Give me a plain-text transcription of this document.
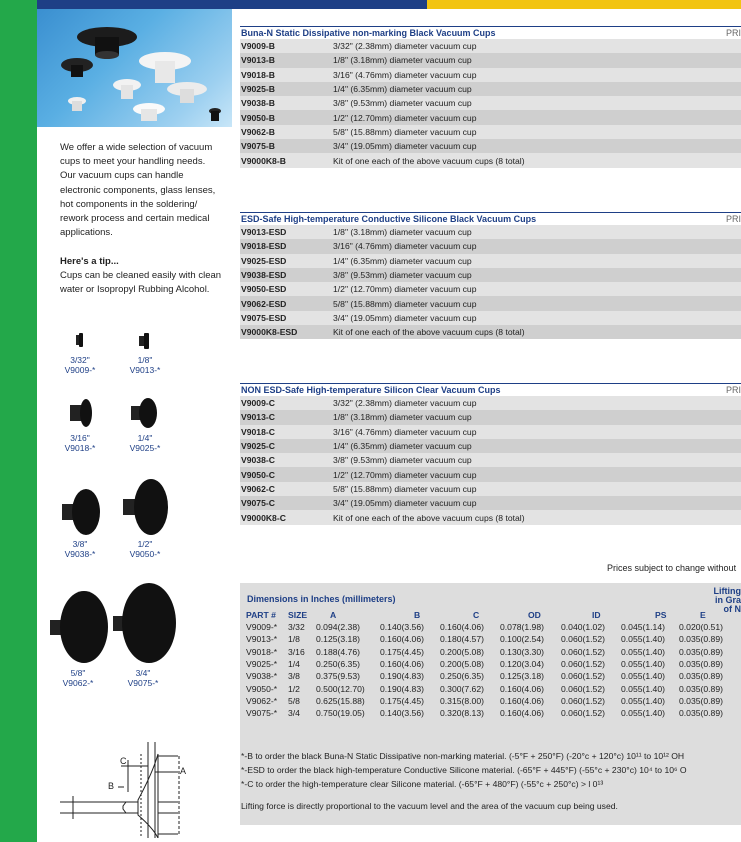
We offer a wide selection of vacuum
cups to meet your handling needs.
Our vacuum cups can handle
electronic components, glass lenses,
hot components in the soldering/
rework process and certain medical
applications.
Here's a tip...
Cups can be cleaned easily with clean
water or Isopropyl Rubbing Alcohol.
3/32"
V9009-*
1/8"
V9013-*
3/16"
V9018-*
1/4"
V9025-*
3/8"
V9038-*
1/2"
V9050-*
5/8"
V9062-*
3/4"
V9075-*
Buna-N Static Dissipative non-marking Black Vacuum Cups	PRI
V9009-B	3/32" (2.38mm) diameter vacuum cup
V9013-B	1/8" (3.18mm) diameter vacuum cup
V9018-B	3/16" (4.76mm) diameter vacuum cup
V9025-B	1/4" (6.35mm) diameter vacuum cup
V9038-B	3/8" (9.53mm) diameter vacuum cup
V9050-B	1/2" (12.70mm) diameter vacuum cup
V9062-B	5/8" (15.88mm) diameter vacuum cup
V9075-B	3/4" (19.05mm) diameter vacuum cup
V9000K8-B	Kit of one each of the above vacuum cups (8 total)
ESD-Safe High-temperature Conductive Silicone Black Vacuum Cups	PRI
V9013-ESD	1/8" (3.18mm) diameter vacuum cup
V9018-ESD	3/16" (4.76mm) diameter vacuum cup
V9025-ESD	1/4" (6.35mm) diameter vacuum cup
V9038-ESD	3/8" (9.53mm) diameter vacuum cup
V9050-ESD	1/2" (12.70mm) diameter vacuum cup
V9062-ESD	5/8" (15.88mm) diameter vacuum cup
V9075-ESD	3/4" (19.05mm) diameter vacuum cup
V9000K8-ESD	Kit of one each of the above vacuum cups (8 total)
NON ESD-Safe High-temperature Silicon Clear Vacuum Cups	PRI
V9009-C	3/32" (2.38mm) diameter vacuum cup
V9013-C	1/8" (3.18mm) diameter vacuum cup
V9018-C	3/16" (4.76mm) diameter vacuum cup
V9025-C	1/4" (6.35mm) diameter vacuum cup
V9038-C	3/8" (9.53mm) diameter vacuum cup
V9050-C	1/2" (12.70mm) diameter vacuum cup
V9062-C	5/8" (15.88mm) diameter vacuum cup
V9075-C	3/4" (19.05mm) diameter vacuum cup
V9000K8-C	Kit of one each of the above vacuum cups (8 total)
Prices subject to change without
Dimensions in Inches (millimeters)
Lifting
in Gra
of N
PART #	SIZE	A	B	C	OD	ID	PS	E
V9009-*	3/32	0.094(2.38)	0.140(3.56)	0.160(4.06)	0.078(1.98)	0.040(1.02)	0.045(1.14)	0.020(0.51)
V9013-*	1/8	0.125(3.18)	0.160(4.06)	0.180(4.57)	0.100(2.54)	0.060(1.52)	0.055(1.40)	0.035(0.89)
V9018-*	3/16	0.188(4.76)	0.175(4.45)	0.200(5.08)	0.130(3.30)	0.060(1.52)	0.055(1.40)	0.035(0.89)
V9025-*	1/4	0.250(6.35)	0.160(4.06)	0.200(5.08)	0.120(3.04)	0.060(1.52)	0.055(1.40)	0.035(0.89)
V9038-*	3/8	0.375(9.53)	0.190(4.83)	0.250(6.35)	0.125(3.18)	0.060(1.52)	0.055(1.40)	0.035(0.89)
V9050-*	1/2	0.500(12.70)	0.190(4.83)	0.300(7.62)	0.160(4.06)	0.060(1.52)	0.055(1.40)	0.035(0.89)
V9062-*	5/8	0.625(15.88)	0.175(4.45)	0.315(8.00)	0.160(4.06)	0.060(1.52)	0.055(1.40)	0.035(0.89)
V9075-*	3/4	0.750(19.05)	0.140(3.56)	0.320(8.13)	0.160(4.06)	0.060(1.52)	0.055(1.40)	0.035(0.89)
*-B to order the black Buna-N Static Dissipative non-marking material. (-5°F + 250°F) (-20°c + 120°c) 10¹¹ to 10¹² OH
*-ESD to order the black high-temperature Conductive Silicone material. (-65°F + 445°F) (-55°c + 230°c) 10⁴ to 10⁶ O
*-C to order the high-temperature clear Silicone material. (-65°F + 480°F) (-55°c + 250°c) > l 0¹³
Lifting force is directly proportional to the vacuum level and the area of the vacuum cup being used.
C
A
B
